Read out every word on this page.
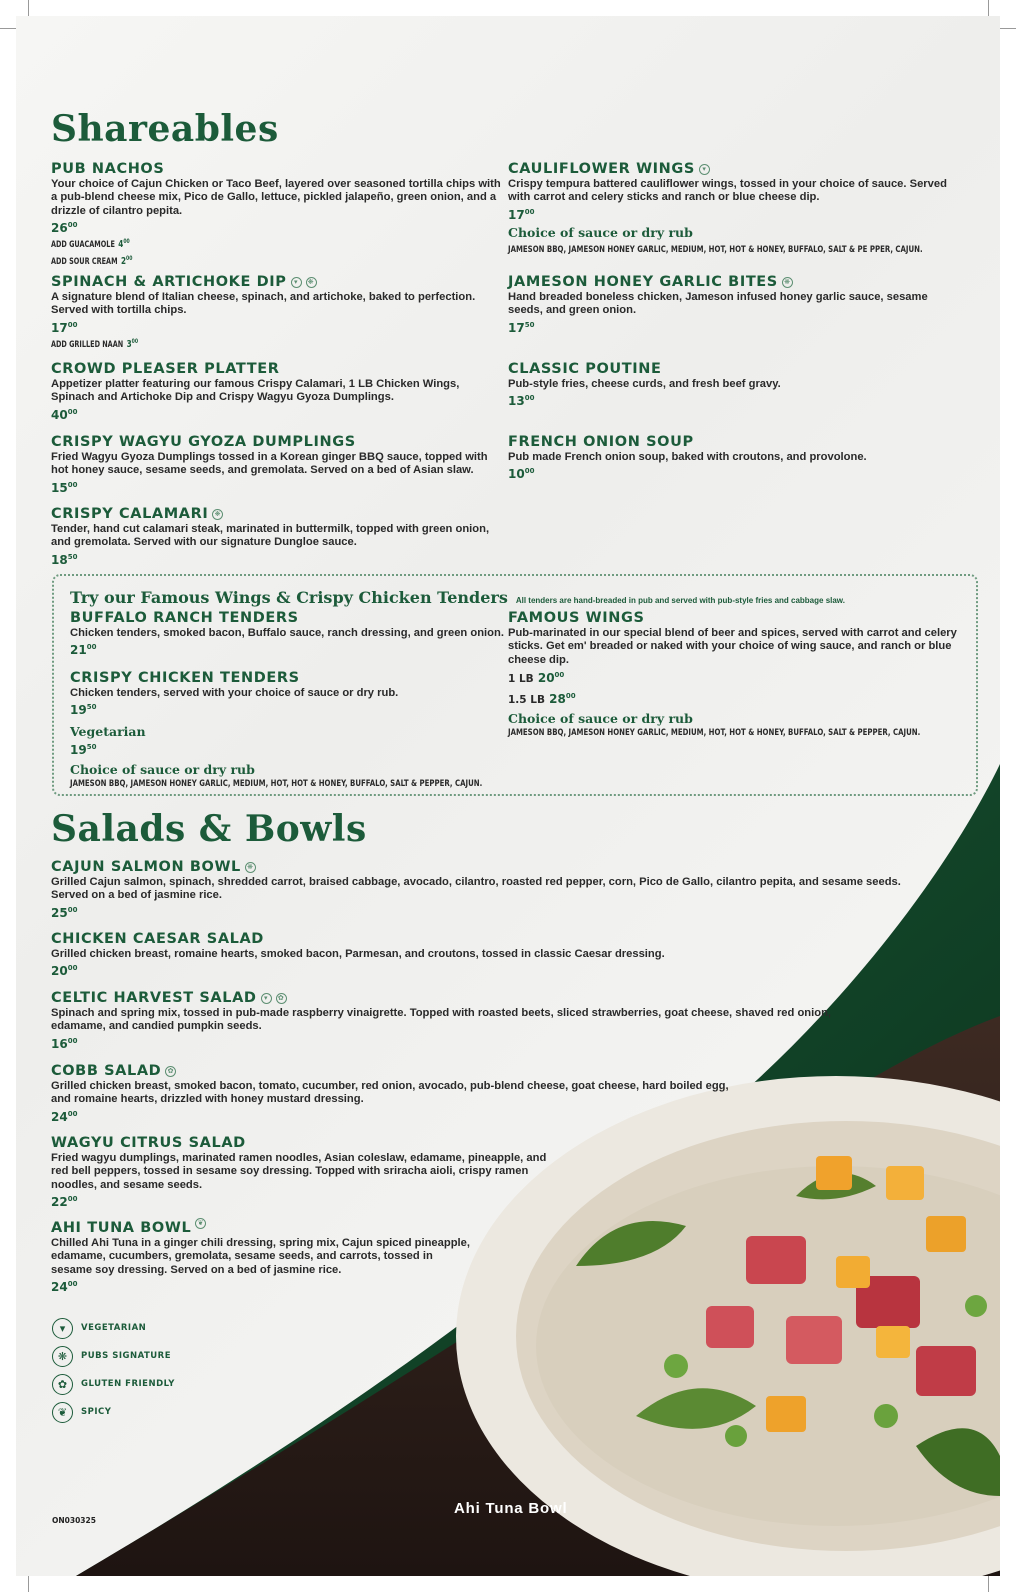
Shareables
PUB NACHOS
Your choice of Cajun Chicken or Taco Beef, layered over seasoned tortilla chips with a pub-blend cheese mix, Pico de Gallo, lettuce, pickled jalapeño, green onion, and a drizzle of cilantro pepita.
$26^{00}$
ADD GUACAMOLE $4^{00}$
ADD SOUR CREAM $2^{00}$
SPINACH & ARTICHOKE DIP	▾	❋
A signature blend of Italian cheese, spinach, and artichoke, baked to perfection. Served with tortilla chips.
$17^{00}$
ADD GRILLED NAAN $3^{00}$
CROWD PLEASER PLATTER
Appetizer platter featuring our famous Crispy Calamari, 1 LB Chicken Wings, Spinach and Artichoke Dip and Crispy Wagyu Gyoza Dumplings.
$40^{00}$
CRISPY WAGYU GYOZA DUMPLINGS
Fried Wagyu Gyoza Dumplings tossed in a Korean ginger BBQ sauce, topped with hot honey sauce, sesame seeds, and gremolata. Served on a bed of Asian slaw.
$15^{00}$
CRISPY CALAMARI ❋
Tender, hand cut calamari steak, marinated in buttermilk, topped with green onion, and gremolata. Served with our signature Dungloe sauce.
$18^{50}$
CAULIFLOWER WINGS	▾
Crispy tempura battered cauliflower wings, tossed in your choice of sauce. Served with carrot and celery sticks and ranch or blue cheese dip.
$17^{00}$
Choice of sauce or dry rub
JAMESON BBQ, JAMESON HONEY GARLIC, MEDIUM, HOT, HOT & HONEY, BUFFALO, SALT & PE PPER, CAJUN.
JAMESON HONEY GARLIC BITES ❋
Hand breaded boneless chicken, Jameson infused honey garlic sauce, sesame seeds, and green onion.
$17^{50}$
CLASSIC POUTINE
Pub-style fries, cheese curds, and fresh beef gravy.
$13^{00}$
FRENCH ONION SOUP
Pub made French onion soup, baked with croutons, and provolone.
$10^{00}$
Try our Famous Wings & Crispy Chicken Tenders All tenders are hand-breaded in pub and served with pub-style fries and cabbage slaw.
BUFFALO RANCH TENDERS
Chicken tenders, smoked bacon, Buffalo sauce, ranch dressing, and green onion.
$21^{00}$
CRISPY CHICKEN TENDERS
Chicken tenders, served with your choice of sauce or dry rub.
$19^{50}$
Vegetarian
$19^{50}$
Choice of sauce or dry rub
JAMESON BBQ, JAMESON HONEY GARLIC, MEDIUM, HOT, HOT & HONEY, BUFFALO, SALT & PEPPER, CAJUN.
FAMOUS WINGS
Pub-marinated in our special blend of beer and spices, served with carrot and celery sticks. Get em' breaded or naked with your choice of wing sauce, and ranch or blue cheese dip.
1 LB $20^{00}$
1.5 LB $28^{00}$
Choice of sauce or dry rub
JAMESON BBQ, JAMESON HONEY GARLIC, MEDIUM, HOT, HOT & HONEY, BUFFALO, SALT & PEPPER, CAJUN.
Salads & Bowls
CAJUN SALMON BOWL ❋
Grilled Cajun salmon, spinach, shredded carrot, braised cabbage, avocado, cilantro, roasted red pepper, corn, Pico de Gallo, cilantro pepita, and sesame seeds. Served on a bed of jasmine rice.
$25^{00}$
CHICKEN CAESAR SALAD
Grilled chicken breast, romaine hearts, smoked bacon, Parmesan, and croutons, tossed in classic Caesar dressing.
$20^{00}$
CELTIC HARVEST SALAD	▾	✿
Spinach and spring mix, tossed in pub-made raspberry vinaigrette. Topped with roasted beets, sliced strawberries, goat cheese, shaved red onion, edamame, and candied pumpkin seeds.
$16^{00}$
COBB SALAD ✿
Grilled chicken breast, smoked bacon, tomato, cucumber, red onion, avocado, pub-blend cheese, goat cheese, hard boiled egg, and romaine hearts, drizzled with honey mustard dressing.
$24^{00}$
WAGYU CITRUS SALAD
Fried wagyu dumplings, marinated ramen noodles, Asian coleslaw, edamame, pineapple, and red bell peppers, tossed in sesame soy dressing. Topped with sriracha aioli, crispy ramen noodles, and sesame seeds.
$22^{00}$
AHI TUNA BOWL ❦
Chilled Ahi Tuna in a ginger chili dressing, spring mix, Cajun spiced pineapple, edamame, cucumbers, gremolata, sesame seeds, and carrots, tossed in sesame soy dressing. Served on a bed of jasmine rice.
$24^{00}$
▾	VEGETARIAN
❋	PUBS SIGNATURE
✿	GLUTEN FRIENDLY
❦	SPICY
ON030325
Ahi Tuna Bowl
